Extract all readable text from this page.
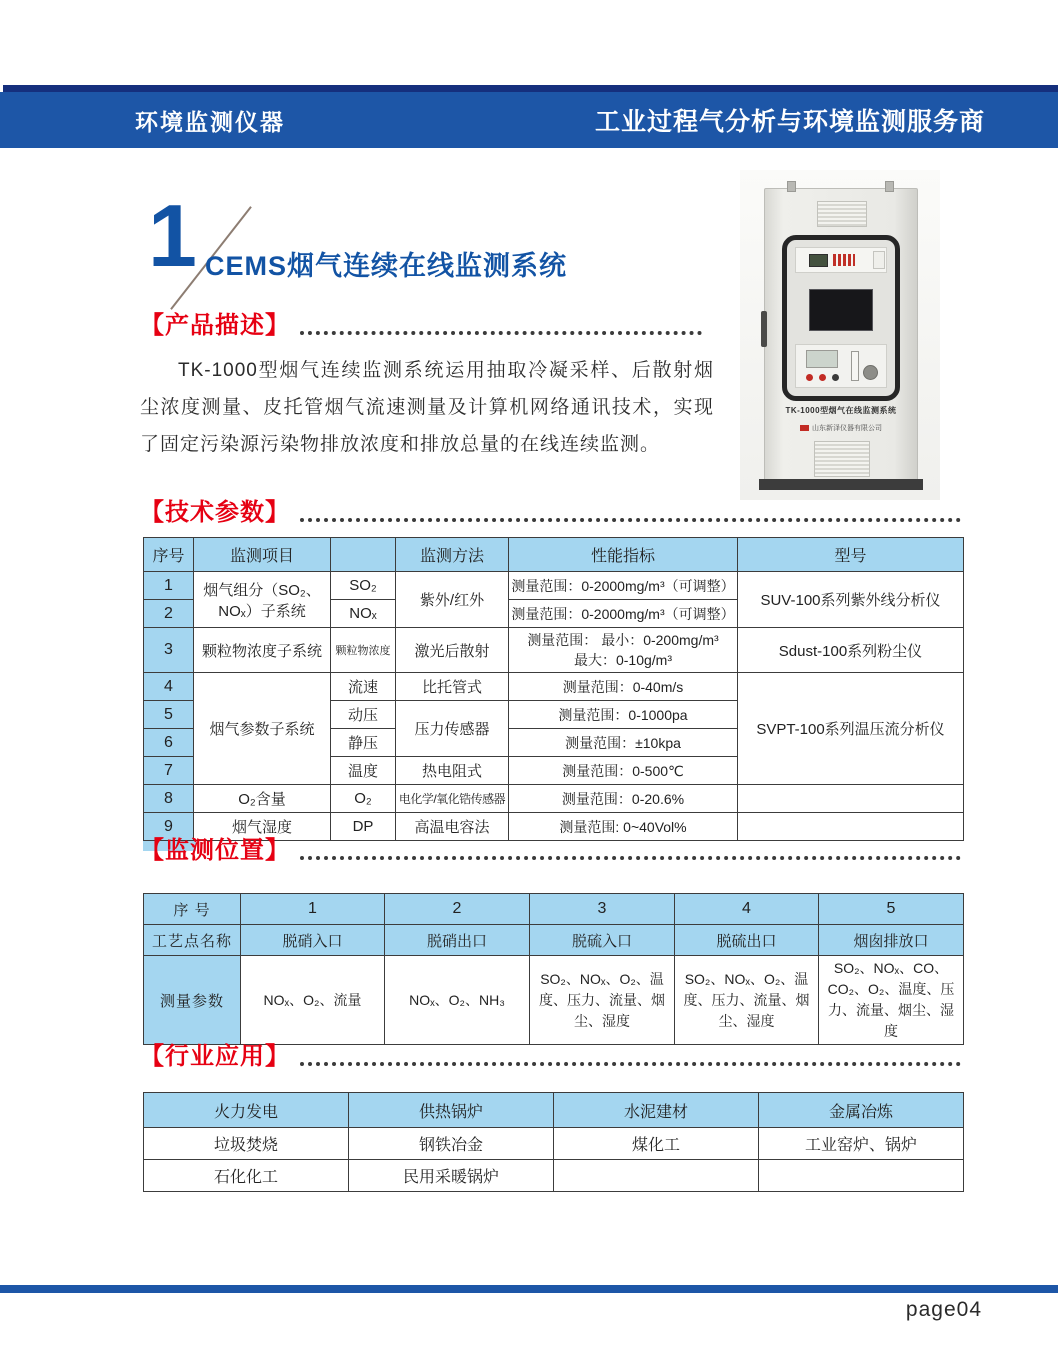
环境监测仪器	工业过程气分析与环境监测服务商
1 CEMS烟气连续在线监测系统
【产品描述】
TK-1000型烟气连续监测系统运用抽取冷凝采样、后散射烟尘浓度测量、皮托管烟气流速测量及计算机网络通讯技术，实现了固定污染源污染物排放浓度和排放总量的在线连续监测。
TK-1000型烟气在线监测系统
山东新泽仪器有限公司
【技术参数】
序号	监测项目		监测方法	性能指标	型号
1	烟气组分（SO₂、NOₓ）子系统	SO₂	紫外/红外	测量范围：0-2000mg/m³（可调整）	SUV-100系列紫外线分析仪
2		NOₓ		测量范围：0-2000mg/m³（可调整）	
3	颗粒物浓度子系统	颗粒物浓度	激光后散射	测量范围： 最小：0-200mg/m³
最大：0-10g/m³	Sdust-100系列粉尘仪
4	烟气参数子系统	流速	比托管式	测量范围：0-40m/s	SVPT-100系列温压流分析仪
5		动压	压力传感器	测量范围：0-1000pa	
6		静压		测量范围：±10kpa	
7		温度	热电阻式	测量范围：0-500℃	
8	O₂含量	O₂	电化学/氧化锆传感器	测量范围：0-20.6%	
9	烟气湿度	DP	高温电容法	测量范围: 0~40Vol%	
【监测位置】
序 号	1	2	3	4	5
工艺点名称	脱硝入口	脱硝出口	脱硫入口	脱硫出口	烟囱排放口
测量参数	NOₓ、O₂、流量	NOₓ、O₂、NH₃	SO₂、NOₓ、O₂、温度、压力、流量、烟尘、湿度	SO₂、NOₓ、O₂、温度、压力、流量、烟尘、湿度	SO₂、NOₓ、CO、CO₂、O₂、温度、压力、流量、烟尘、湿度
【行业应用】
火力发电	供热锅炉	水泥建材	金属冶炼
垃圾焚烧	钢铁冶金	煤化工	工业窑炉、锅炉
石化化工	民用采暖锅炉		
page04
